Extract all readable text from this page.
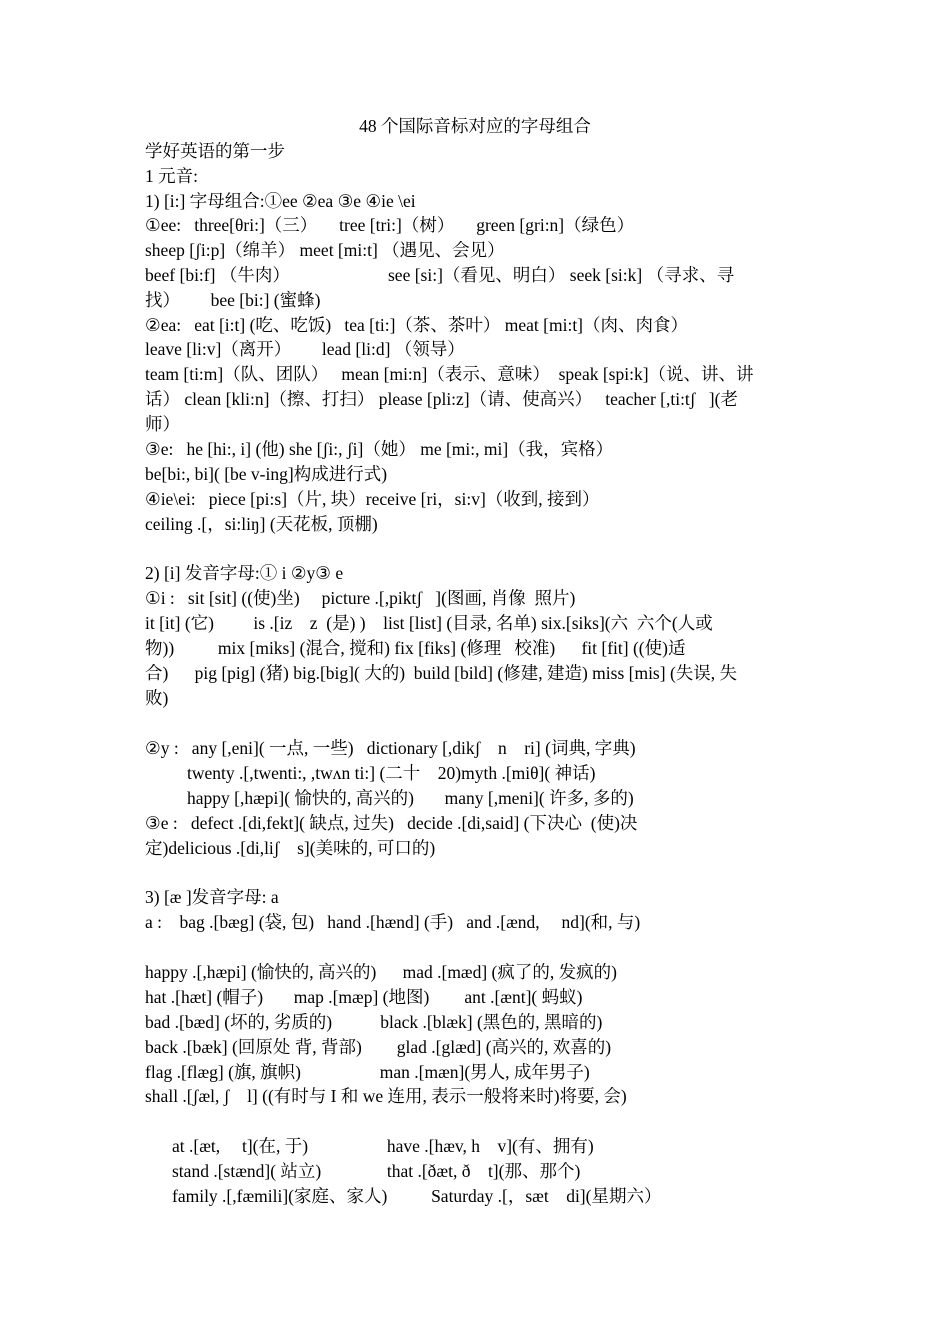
48 个国际音标对应的字母组合
学好英语的第一步
1 元音:
1) [i:] 字母组合:①ee ②ea ③e ④ie \ei
①ee:   three[θri:]（三）     tree [tri:]（树）     green [gri:n]（绿色）
sheep [ʃi:p]（绵羊） meet [mi:t] （遇见、会见）
beef [bi:f] （牛肉）	see [si:]（看见、明白） seek [si:k] （寻求、寻
找）       bee [bi:] (蜜蜂)
②ea:   eat [i:t] (吃、吃饭)   tea [ti:]（茶、茶叶） meat [mi:t]（肉、肉食）
leave [li:v]（离开）       lead [li:d] （领导）
team [ti:m]（队、团队）   mean [mi:n]（表示、意味）  speak [spi:k]（说、讲、讲
话） clean [kli:n]（擦、打扫） please [pli:z]（请、使高兴）   teacher [,ti:tʃ   ](老
师）
③e:   he [hi:, i] (他) she [ʃi:, ʃi]（她） me [mi:, mi]（我，宾格）
be[bi:, bi]( [be v-ing]构成进行式)
④ie\ei:   piece [pi:s]（片, 块）receive [ri，si:v]（收到, 接到）
ceiling .[，si:liŋ] (天花板, 顶棚)
2) [i] 发音字母:① i ②y③ e
①i :   sit [sit] ((使)坐)     picture .[,piktʃ   ](图画, 肖像  照片)
it [it] (它)         is .[iz    z  (是) )    list [list] (目录, 名单) six.[siks](六  六个(人或
物))          mix [miks] (混合, 搅和) fix [fiks] (修理   校准)      fit [fit] ((使)适
合)      pig [pig] (猪) big.[big]( 大的)  build [bild] (修建, 建造) miss [mis] (失误, 失
败)
②y :   any [,eni]( 一点, 一些)   dictionary [,dikʃ    n    ri] (词典, 字典)
twenty .[,twenti:, ,twʌn ti:] (二十    20)myth .[miθ]( 神话)
happy [,hæpi]( 愉快的, 高兴的)       many [,meni]( 许多, 多的)
③e :   defect .[di,fekt]( 缺点, 过失)   decide .[di,said] (下决心  (使)决
定)delicious .[di,liʃ    s](美味的, 可口的)
3) [æ ]发音字母: a
a :    bag .[bæg] (袋, 包)   hand .[hænd] (手)   and .[ænd,     nd](和, 与)
happy .[,hæpi] (愉快的, 高兴的)      mad .[mæd] (疯了的, 发疯的)
hat .[hæt] (帽子)       map .[mæp] (地图)        ant .[ænt]( 蚂蚁)
bad .[bæd] (坏的, 劣质的)           black .[blæk] (黑色的, 黑暗的)
back .[bæk] (回原处 背, 背部)        glad .[glæd] (高兴的, 欢喜的)
flag .[flæg] (旗, 旗帜)                  man .[mæn](男人, 成年男子)
shall .[ʃæl, ʃ    l] ((有时与 I 和 we 连用, 表示一般将来时)将要, 会)
at .[æt,     t](在, 于)                  have .[hæv, h    v](有、拥有)
stand .[stænd]( 站立)               that .[ðæt, ð    t](那、那个)
family .[,fæmili](家庭、家人)          Saturday .[，sæt    di](星期六）
